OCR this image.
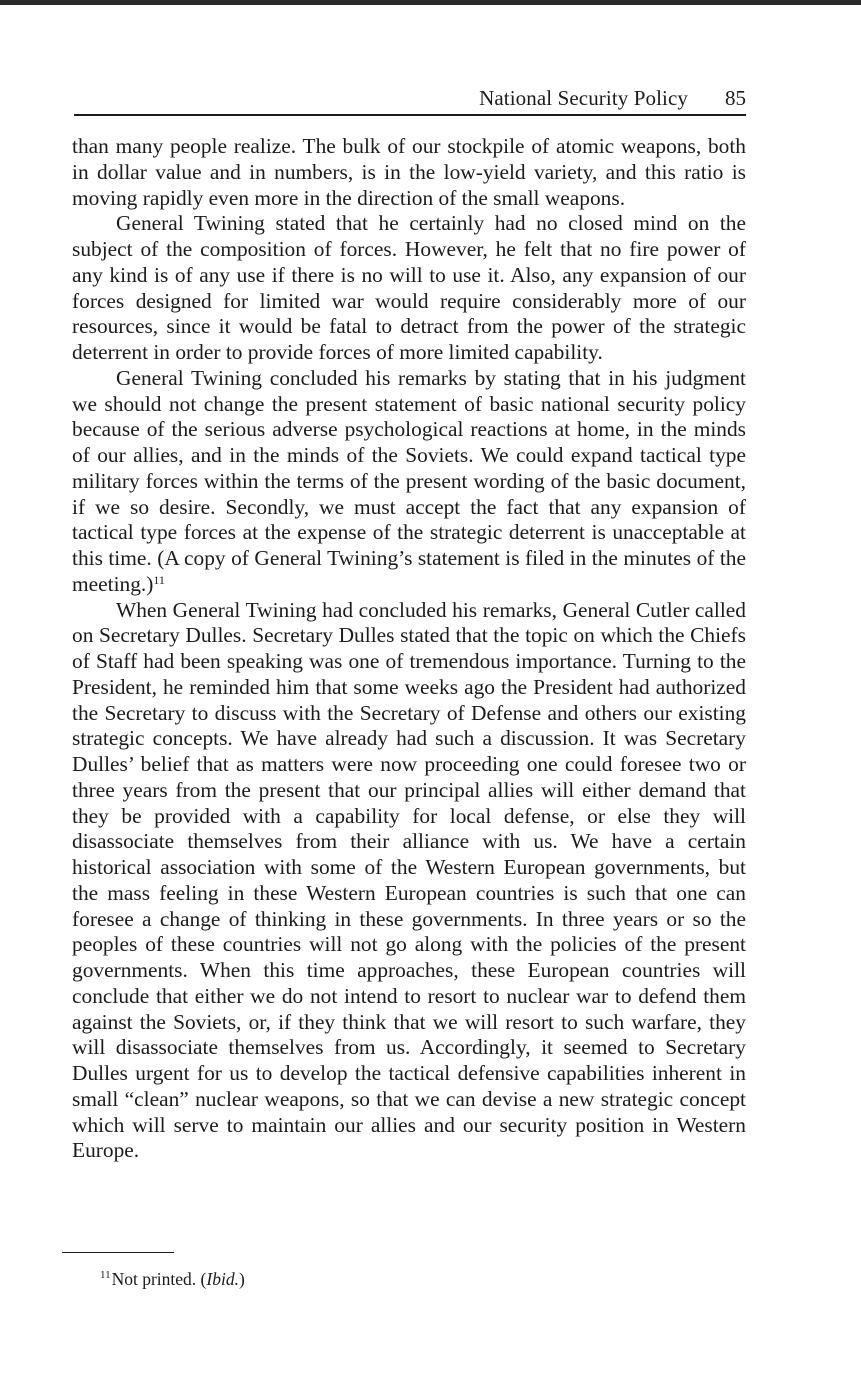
National Security Policy 85

than many people realize. The bulk of our stockpile of atomic weapons, both in dollar value and in numbers, is in the low-yield variety, and this ratio is moving rapidly even more in the direction of the small weapons.

General Twining stated that he certainly had no closed mind on the subject of the composition of forces. However, he felt that no fire power of any kind is of any use if there is no will to use it. Also, any expansion of our forces designed for limited war would require considerably more of our resources, since it would be fatal to detract from the power of the strategic deterrent in order to provide forces of more limited capability.

General Twining concluded his remarks by stating that in his judgment we should not change the present statement of basic national security policy because of the serious adverse psychological reactions at home, in the minds of our allies, and in the minds of the Soviets. We could expand tactical type military forces within the terms of the present wording of the basic document, if we so desire. Secondly, we must accept the fact that any expansion of tactical type forces at the expense of the strategic deterrent is unacceptable at this time. (A copy of General Twining’s statement is filed in the minutes of the meeting.)$^{11}$

When General Twining had concluded his remarks, General Cutler called on Secretary Dulles. Secretary Dulles stated that the topic on which the Chiefs of Staff had been speaking was one of tremendous importance. Turning to the President, he reminded him that some weeks ago the President had authorized the Secretary to discuss with the Secretary of Defense and others our existing strategic concepts. We have already had such a discussion. It was Secretary Dulles’ belief that as matters were now proceeding one could foresee two or three years from the present that our principal allies will either demand that they be provided with a capability for local defense, or else they will disassociate themselves from their alliance with us. We have a certain historical association with some of the Western European governments, but the mass feeling in these Western European countries is such that one can foresee a change of thinking in these governments. In three years or so the peoples of these countries will not go along with the policies of the present governments. When this time approaches, these European countries will conclude that either we do not intend to resort to nuclear war to defend them against the Soviets, or, if they think that we will resort to such warfare, they will disassociate themselves from us. Accordingly, it seemed to Secretary Dulles urgent for us to develop the tactical defensive capabilities inherent in small “clean” nuclear weapons, so that we can devise a new strategic concept which will serve to maintain our allies and our security position in Western Europe.

$^{11}$Not printed. (Ibid.)
